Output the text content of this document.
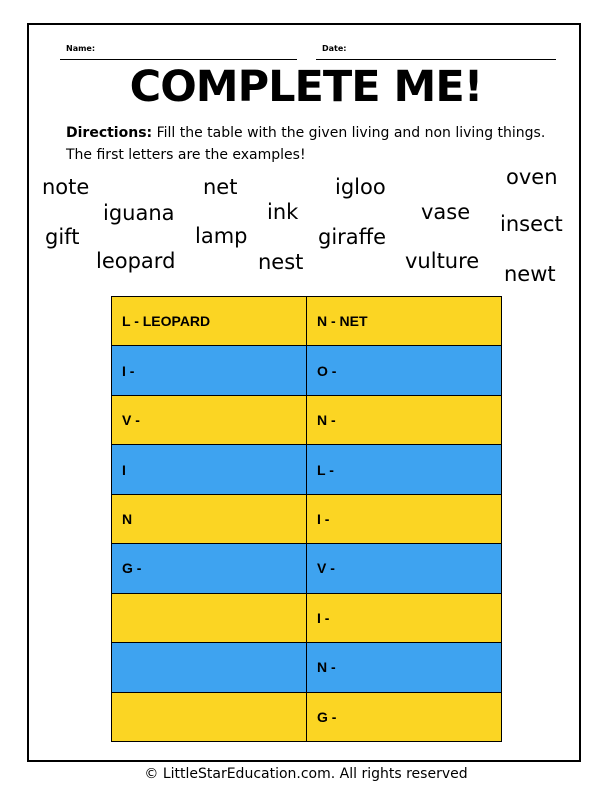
Name:	Date:
COMPLETE ME!
Directions: Fill the table with the given living and non living things. The first letters are the examples!
note	net	igloo	oven
iguana	ink	vase
gift	lamp	giraffe
insect
leopard	nest	vulture
newt
L - LEOPARD	N - NET
I -	O -
V -	N -
I	L -
N	I -
G -	V -
	I -
	N -
	G -
© LittleStarEducation.com. All rights reserved
